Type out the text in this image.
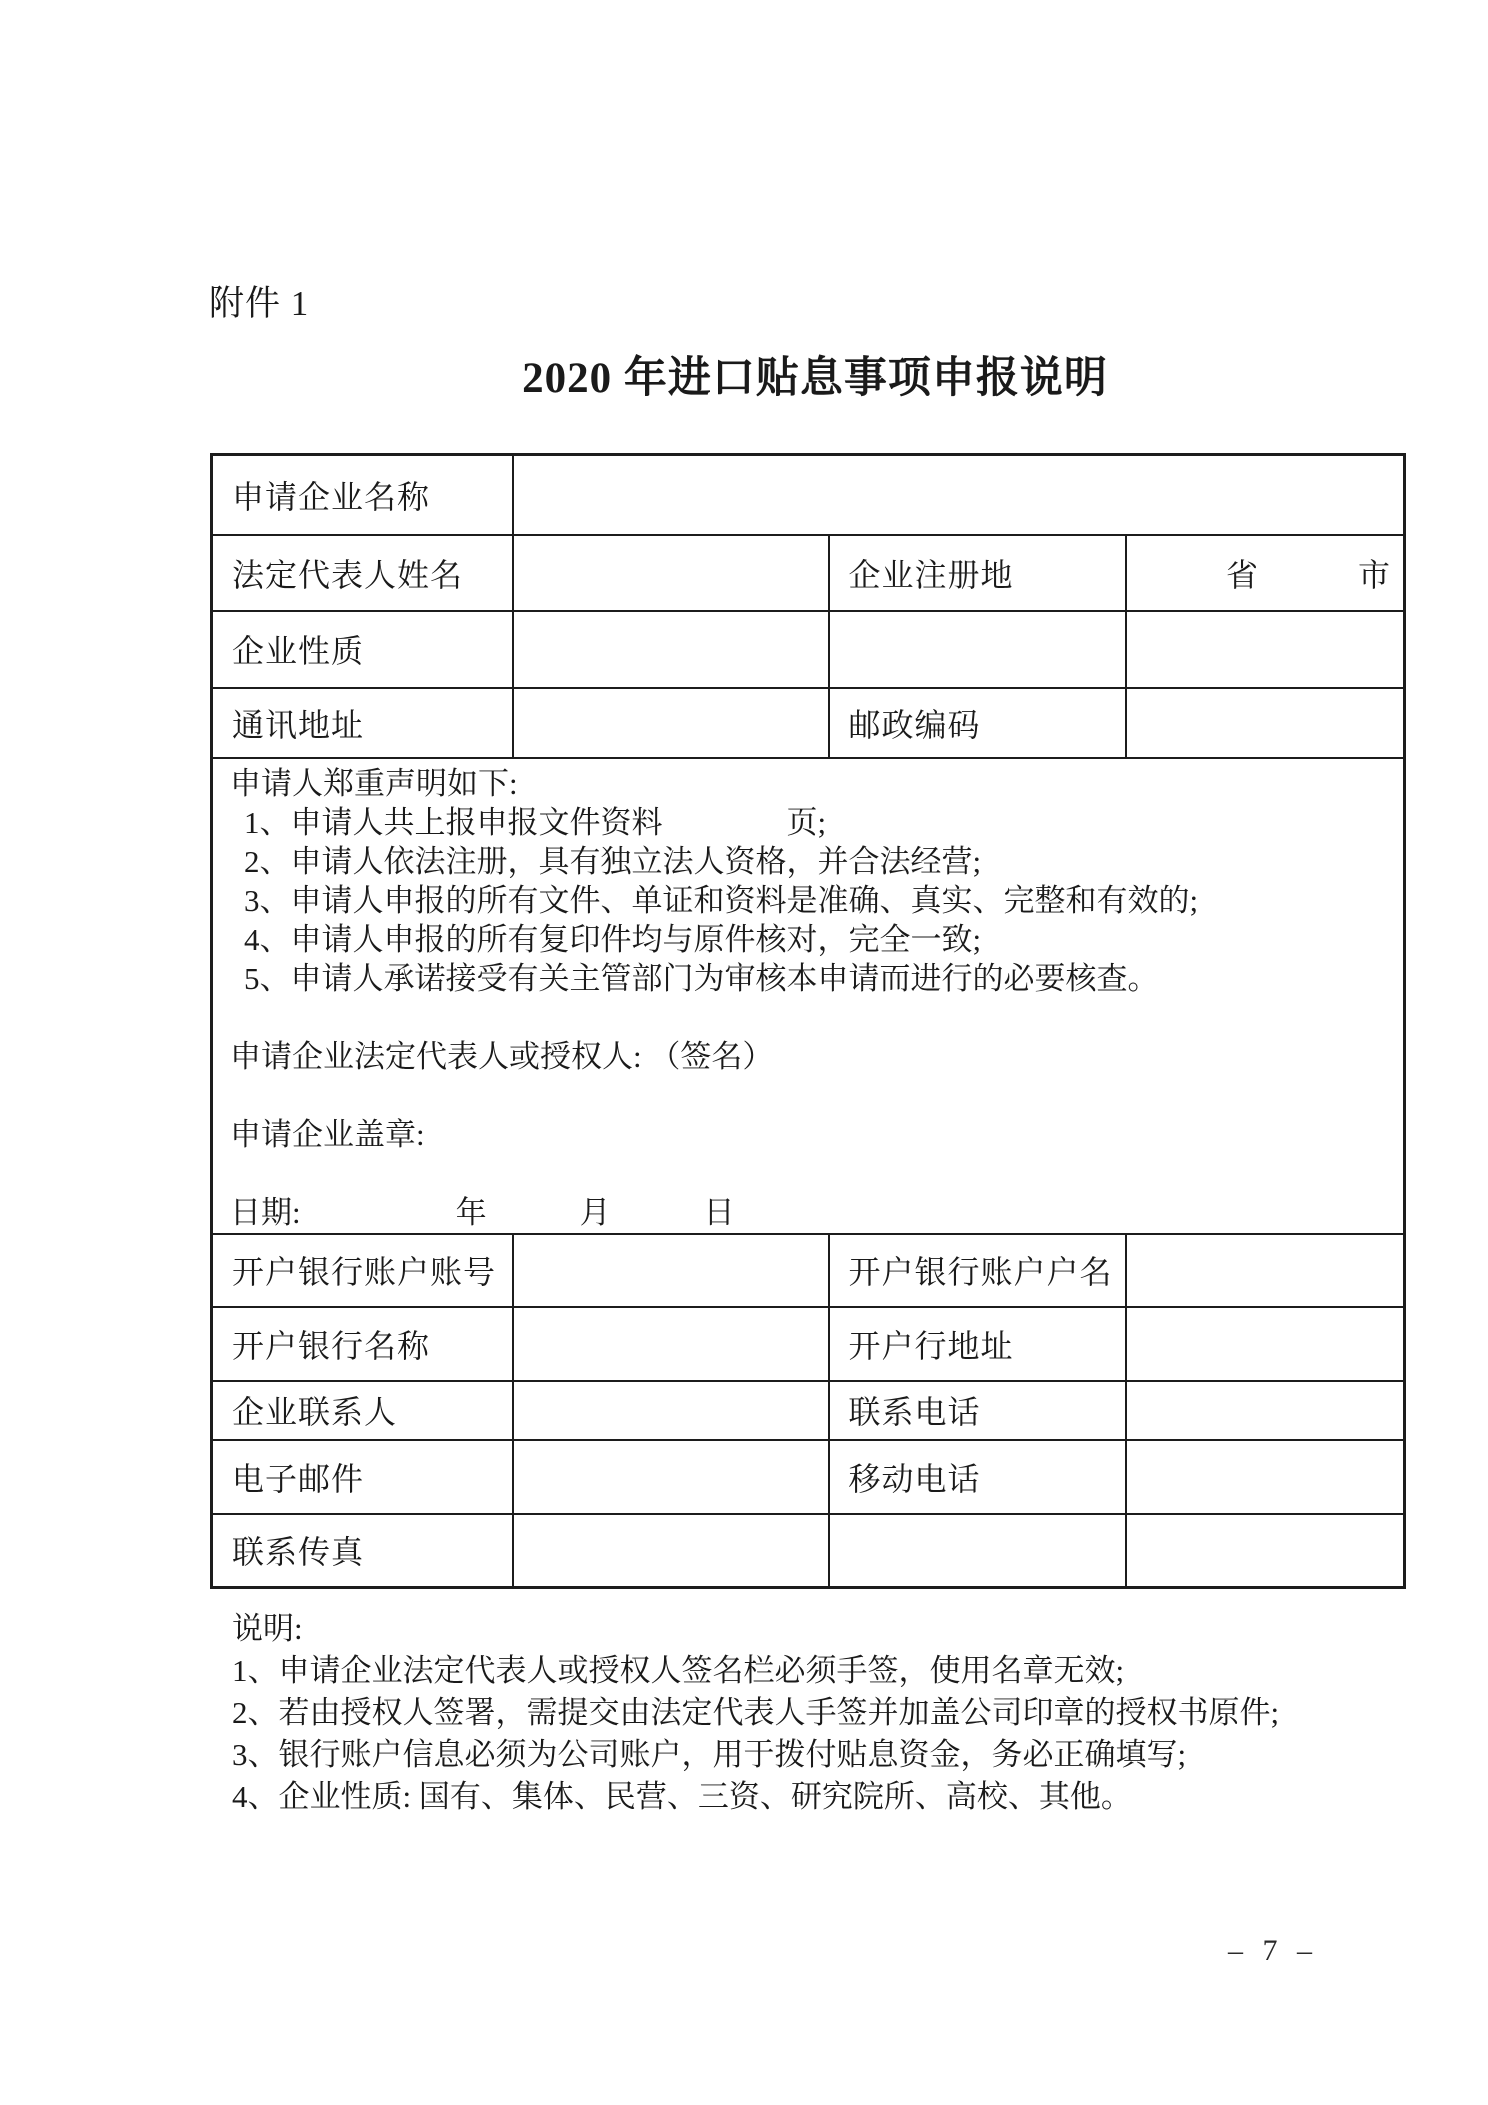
附件 1
2020 年进口贴息事项申报说明
申请企业名称			
法定代表人姓名		企业注册地	省　　　市
企业性质			
通讯地址		邮政编码	

申请人郑重声明如下:
1、申请人共上报申报文件资料　　　　页;
2、申请人依法注册，具有独立法人资格，并合法经营;
3、申请人申报的所有文件、单证和资料是准确、真实、完整和有效的;
4、申请人申报的所有复印件均与原件核对，完全一致;
5、申请人承诺接受有关主管部门为审核本申请而进行的必要核查。
申请企业法定代表人或授权人: （签名）
申请企业盖章:
日期:　　　　　年　　　月　　　日

开户银行账户账号		开户银行账户户名	
开户银行名称		开户行地址	
企业联系人		联系电话	
电子邮件		移动电话	
联系传真			
说明:
1、申请企业法定代表人或授权人签名栏必须手签，使用名章无效;
2、若由授权人签署，需提交由法定代表人手签并加盖公司印章的授权书原件;
3、银行账户信息必须为公司账户，用于拨付贴息资金，务必正确填写;
4、企业性质: 国有、集体、民营、三资、研究院所、高校、其他。
– 7 –
